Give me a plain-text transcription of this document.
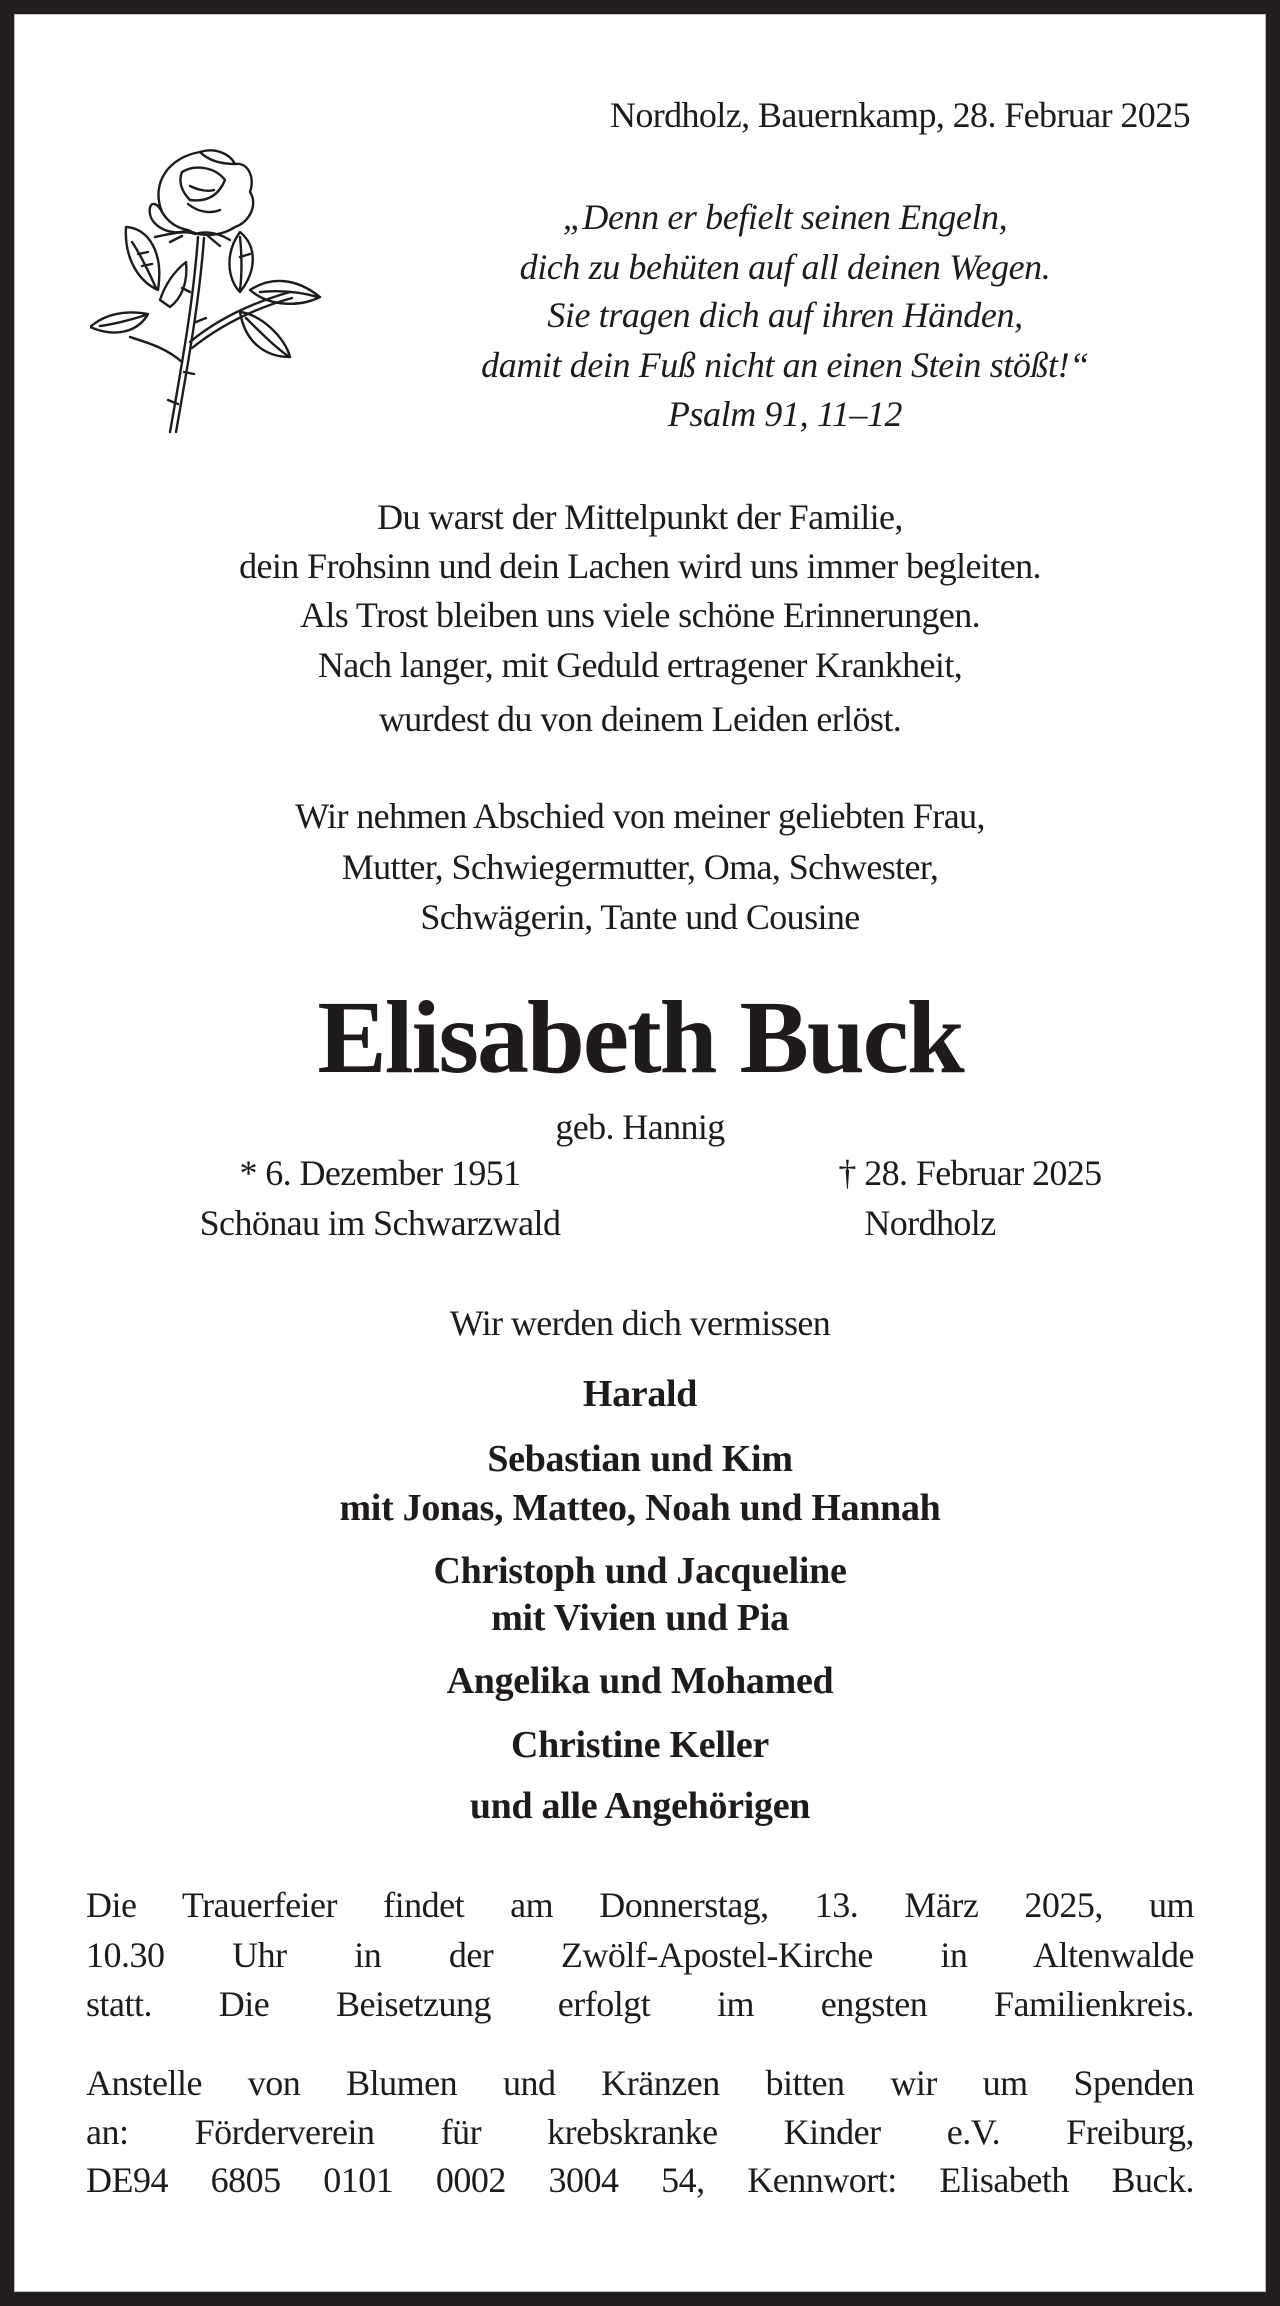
Nordholz, Bauernkamp, 28. Februar 2025
„Denn er befielt seinen Engeln,
dich zu behüten auf all deinen Wegen.
Sie tragen dich auf ihren Händen,
damit dein Fuß nicht an einen Stein stößt!“
Psalm 91, 11–12
Du warst der Mittelpunkt der Familie,
dein Frohsinn und dein Lachen wird uns immer begleiten.
Als Trost bleiben uns viele schöne Erinnerungen.
Nach langer, mit Geduld ertragener Krankheit,
wurdest du von deinem Leiden erlöst.
Wir nehmen Abschied von meiner geliebten Frau,
Mutter, Schwiegermutter, Oma, Schwester,
Schwägerin, Tante und Cousine
Elisabeth Buck
geb. Hannig
* 6. Dezember 1951
Schönau im Schwarzwald
† 28. Februar 2025
Nordholz
Wir werden dich vermissen
Harald
Sebastian und Kim
mit Jonas, Matteo, Noah und Hannah
Christoph und Jacqueline
mit Vivien und Pia
Angelika und Mohamed
Christine Keller
und alle Angehörigen
Die Trauerfeier findet am Donnerstag, 13. März 2025, um
10.30 Uhr in der Zwölf-Apostel-Kirche in Altenwalde
statt. Die Beisetzung erfolgt im engsten Familienkreis.
Anstelle von Blumen und Kränzen bitten wir um Spenden
an: Förderverein für krebskranke Kinder e.V. Freiburg,
DE94 6805 0101 0002 3004 54, Kennwort: Elisabeth Buck.
